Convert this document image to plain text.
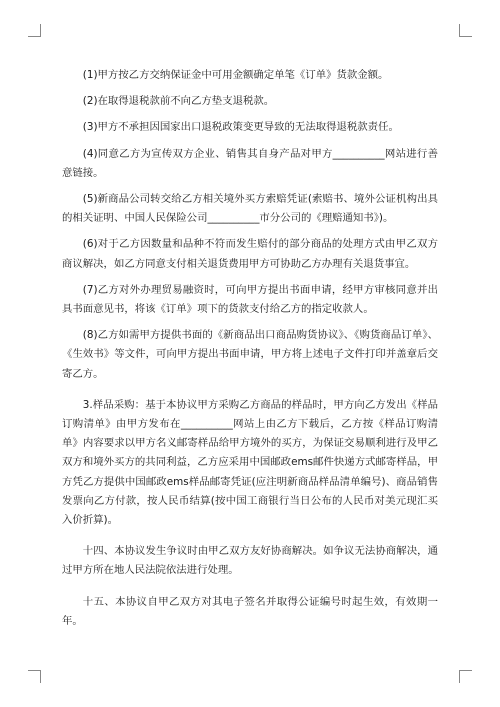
(1)甲方按乙方交纳保证金中可用金额确定单笔《订单》货款金额。

(2)在取得退税款前不向乙方垫支退税款。

(3)甲方不承担因国家出口退税政策变更导致的无法取得退税款责任。

(4)同意乙方为宣传双方企业、销售其自身产品对甲方__________网站进行善意链接。

(5)新商品公司转交给乙方相关境外买方索赔凭证(索赔书、境外公证机构出具的相关证明、中国人民保险公司__________市分公司的《理赔通知书》)。

(6)对于乙方因数量和品种不符而发生赔付的部分商品的处理方式由甲乙双方商议解决，如乙方同意支付相关退货费用甲方可协助乙方办理有关退货事宜。

(7)乙方对外办理贸易融资时，可向甲方提出书面申请，经甲方审核同意并出具书面意见书，将该《订单》项下的货款支付给乙方的指定收款人。

(8)乙方如需甲方提供书面的《新商品出口商品购货协议》、《购货商品订单》、《生效书》等文件，可向甲方提出书面申请，甲方将上述电子文件打印并盖章后交寄乙方。

3.样品采购：基于本协议甲方采购乙方商品的样品时，甲方向乙方发出《样品订购清单》由甲方发布在__________网站上由乙方下载后，乙方按《样品订购清单》内容要求以甲方名义邮寄样品给甲方境外的买方，为保证交易顺利进行及甲乙双方和境外买方的共同利益，乙方应采用中国邮政ems邮件快递方式邮寄样品，甲方凭乙方提供中国邮政ems样品邮寄凭证(应注明新商品样品清单编号)、商品销售发票向乙方付款，按人民币结算(按中国工商银行当日公布的人民币对美元现汇买入价折算)。

十四、本协议发生争议时由甲乙双方友好协商解决。如争议无法协商解决，通过甲方所在地人民法院依法进行处理。

十五、本协议自甲乙双方对其电子签名并取得公证编号时起生效，有效期一年。
